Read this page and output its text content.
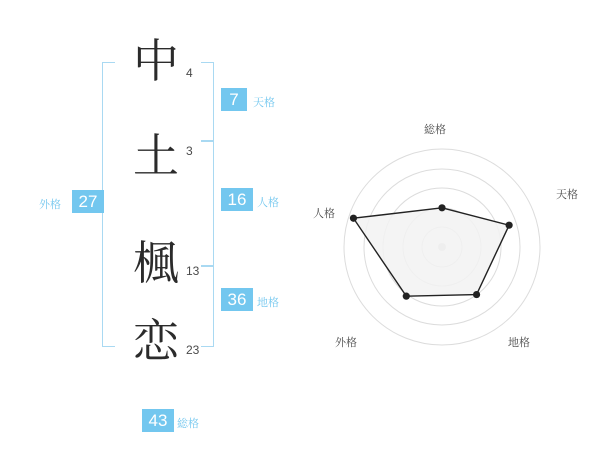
中 4
土 3
楓 13
恋 23
7	天格
16 人格
36 地格
外格	27
43 総格
総格
天格
地格
外格
人格
